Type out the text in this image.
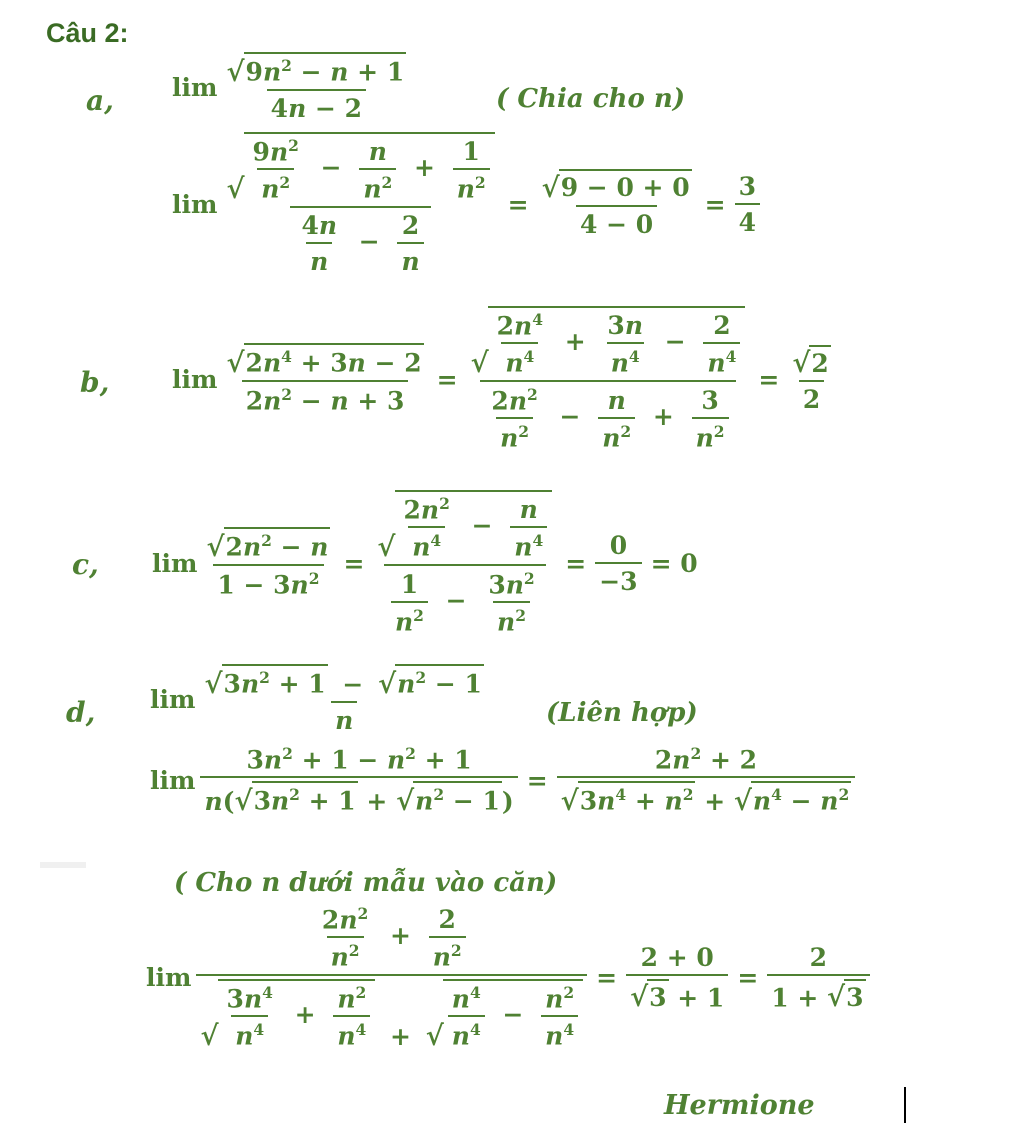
Câu 2:
a, $\lim \frac{√ 9n^2 - n + 1}{4n - 2}$	( Chia cho n)
$\lim \frac{√ \frac{9n^2}{n^2} - \frac{n}{n^2} + \frac{1}{n^2}}{\frac{4n}{n} - \frac{2}{n}} = \frac{√ 9 - 0 + 0}{4 - 0} = \frac{3}{4}$
b,	$\lim \frac{√ 2n^4 + 3n - 2}{2n^2 - n + 3} = \frac{√ \frac{2n^4}{n^4} + \frac{3n}{n^4} - \frac{2}{n^4}}{\frac{2n^2}{n^2} - \frac{n}{n^2} + \frac{3}{n^2}} = \frac{√ 2}{2}$
c, $\lim \frac{√ 2n^2 - n}{1 - 3n^2} = \frac{√ \frac{2n^2}{n^4} - \frac{n}{n^4}}{\frac{1}{n^2} - \frac{3n^2}{n^2}} = \frac{0}{-3} = 0$
d, $\lim \frac{√ 3n^2 + 1 - √ n^2 - 1}{n}$ (Liên hợp)
$\lim \frac{3n^2 + 1 - n^2 + 1}{n( √ 3n^2 + 1 + √ n^2 - 1 )} = \frac{2n^2 + 2}{√ 3n^4 + n^2 + √ n^4 - n^2}$
( Cho n dưới mẫu vào căn)
lim
$\frac{2n^2}{n^2} + \frac{2}{n^2}$
√ $\frac{3n^4}{n^4} + \frac{n^2}{n^4}$ + √ $\frac{n^4}{n^4} - \frac{n^2}{n^4}$
= $\frac{2 + 0}{√ 3 + 1} = \frac{2}{1 + √ 3}$
Hermione
